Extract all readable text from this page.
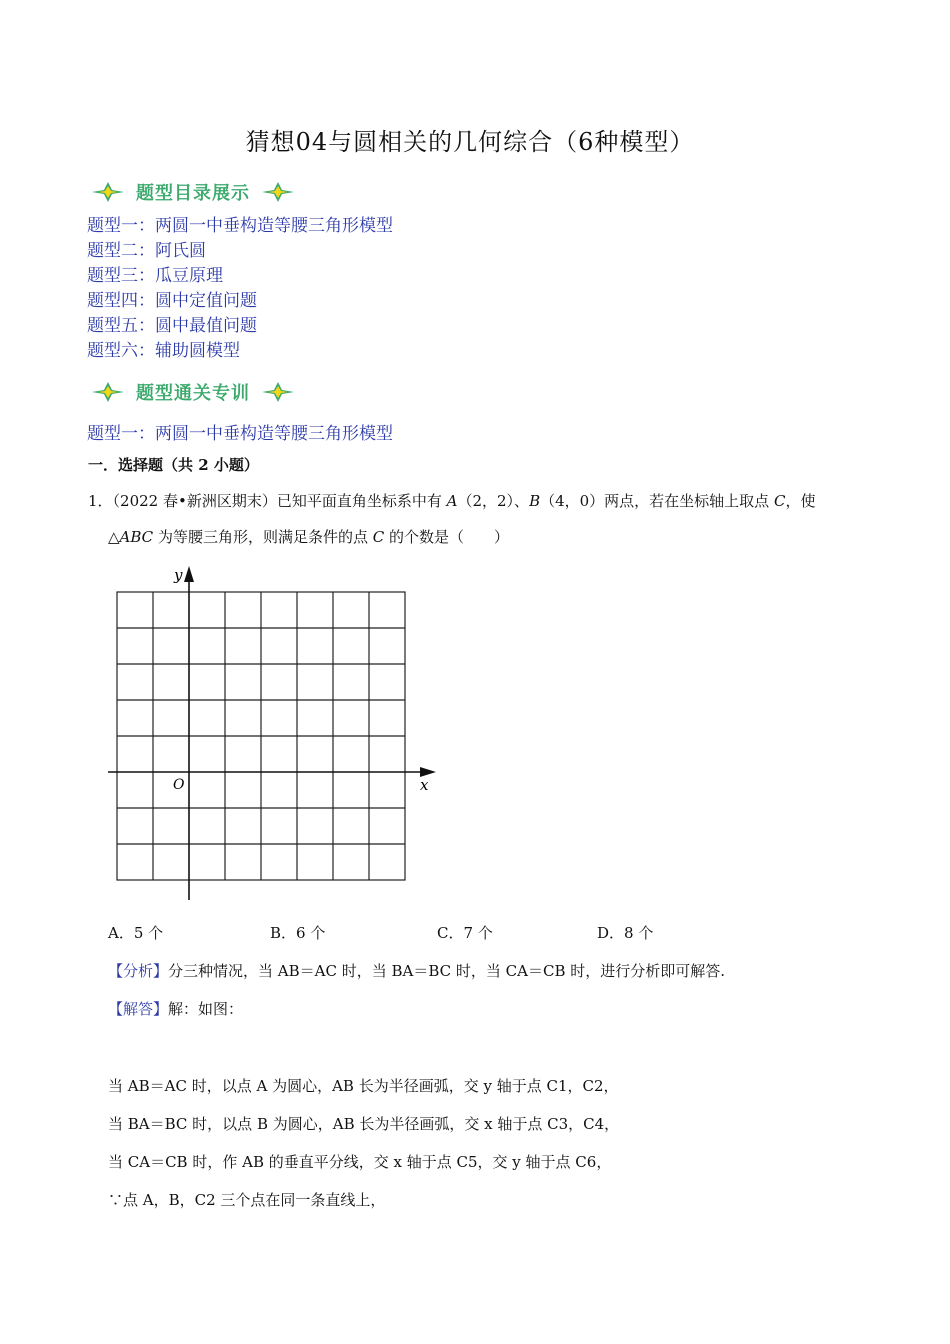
猜想04与圆相关的几何综合（6种模型）
题型目录展示
题型一：两圆一中垂构造等腰三角形模型
题型二：阿氏圆
题型三：瓜豆原理
题型四：圆中定值问题
题型五：圆中最值问题
题型六：辅助圆模型
题型通关专训
题型一：两圆一中垂构造等腰三角形模型
一．选择题（共 2 小题）
1．（2022 春•新洲区期末）已知平面直角坐标系中有 A（2，2）、B（4，0）两点，若在坐标轴上取点 C，使
△ABC 为等腰三角形，则满足条件的点 C 的个数是（　　）
y
x
O
A．5 个	B．6 个	C．7 个	D．8 个
【分析】分三种情况，当 AB＝AC 时，当 BA＝BC 时，当 CA＝CB 时，进行分析即可解答.
【解答】解：如图：
当 AB＝AC 时，以点 A 为圆心，AB 长为半径画弧，交 y 轴于点 C1，C2，
当 BA＝BC 时，以点 B 为圆心，AB 长为半径画弧，交 x 轴于点 C3，C4，
当 CA＝CB 时，作 AB 的垂直平分线，交 x 轴于点 C5，交 y 轴于点 C6，
∵点 A，B，C2 三个点在同一条直线上，
